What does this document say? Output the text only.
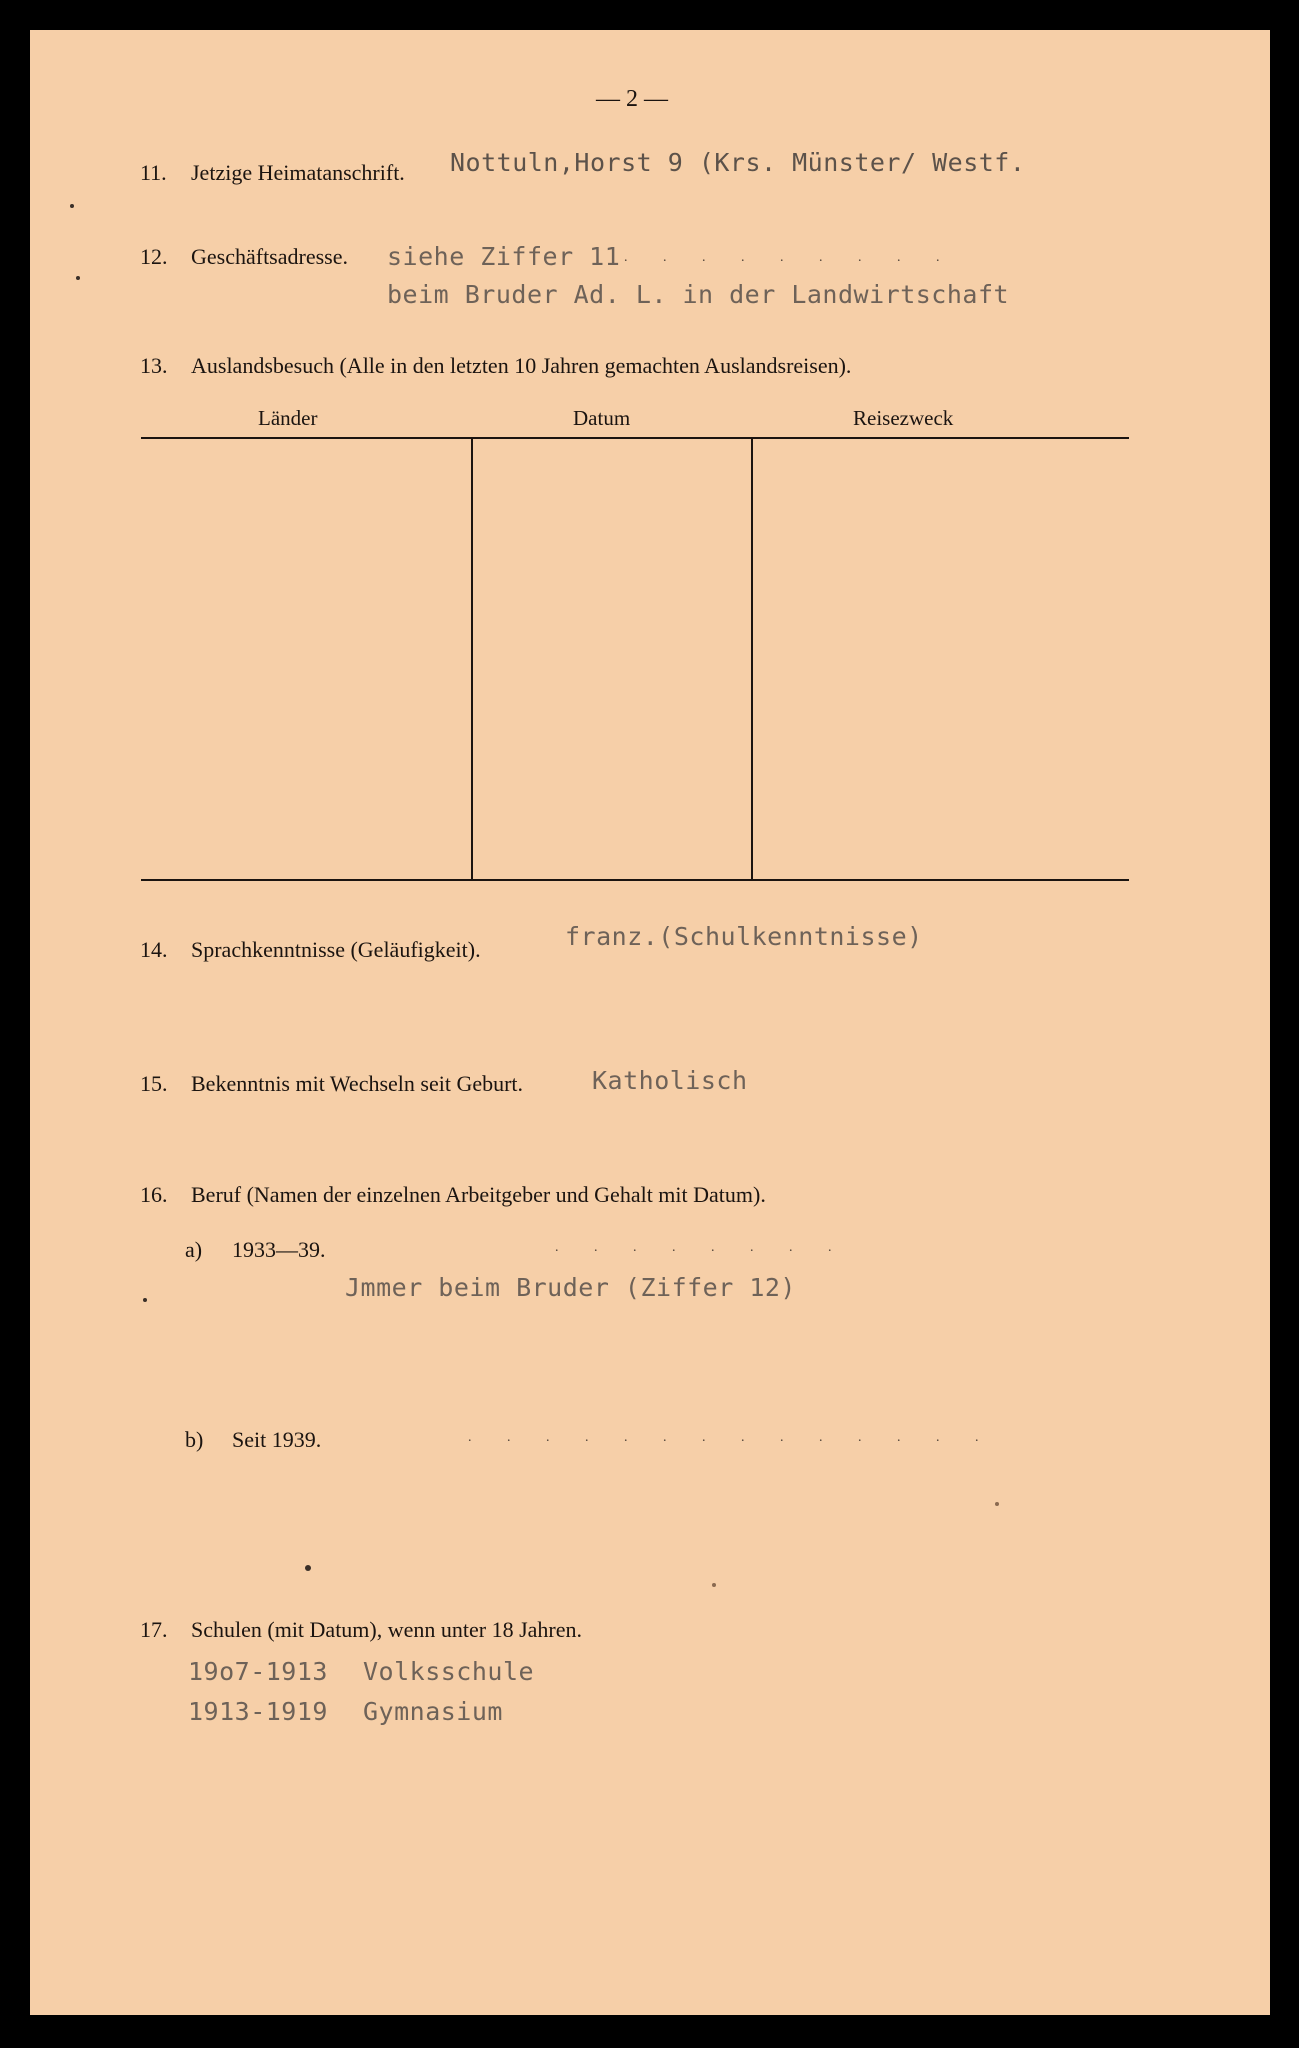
— 2 —
11. Jetzige Heimatanschrift. Nottuln,Horst 9 (Krs. Münster/ Westf.
12. Geschäftsadresse. siehe Ziffer 11 . . . . . . . . .
beim Bruder Ad. L. in der Landwirtschaft
13. Auslandsbesuch (Alle in den letzten 10 Jahren gemachten Auslandsreisen).
Länder	Datum	Reisezweck
14. Sprachkenntnisse (Geläufigkeit).	franz.(Schulkenntnisse)
15. Bekenntnis mit Wechseln seit Geburt.	Katholisch
16. Beruf (Namen der einzelnen Arbeitgeber und Gehalt mit Datum).
a) 1933—39.	. . . . . . . .
Jmmer beim Bruder (Ziffer 12)
b) Seit 1939.	. . . . . . . . . . . . . .
17. Schulen (mit Datum), wenn unter 18 Jahren.
19o7-1913 Volksschule
1913-1919 Gymnasium
